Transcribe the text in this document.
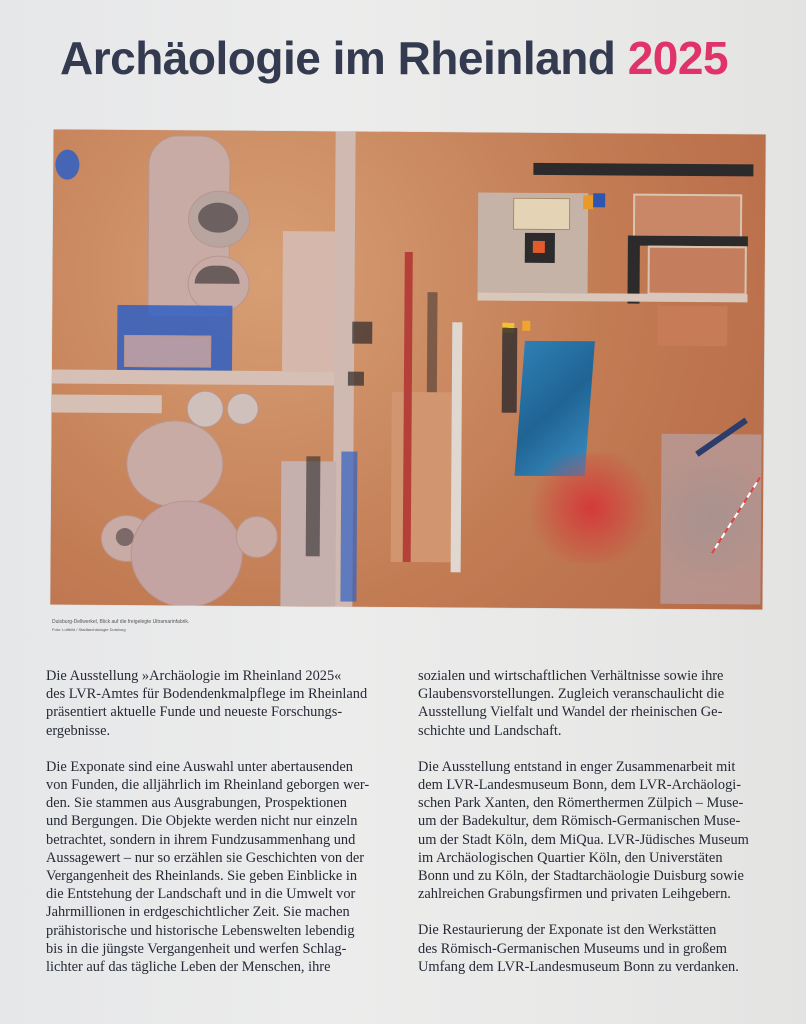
Archäologie im Rheinland 2025
Duisburg-Dellwerkel, Blick auf die freigelegte Ultramarinfabrik.
Foto: Luftbild / Stadtarchäologie Duisburg

Die Ausstellung »Archäologie im Rheinland 2025«
des LVR-Amtes für Bodendenkmalpflege im Rheinland
präsentiert aktuelle Funde und neueste Forschungs-
ergebnisse.

Die Exponate sind eine Auswahl unter abertausenden
von Funden, die alljährlich im Rheinland geborgen wer-
den. Sie stammen aus Ausgrabungen, Prospektionen
und Bergungen. Die Objekte werden nicht nur einzeln
betrachtet, sondern in ihrem Fundzusammenhang und
Aussagewert – nur so erzählen sie Geschichten von der
Vergangenheit des Rheinlands. Sie geben Einblicke in
die Entstehung der Landschaft und in die Umwelt vor
Jahrmillionen in erdgeschichtlicher Zeit. Sie machen
prähistorische und historische Lebenswelten lebendig
bis in die jüngste Vergangenheit und werfen Schlag-
lichter auf das tägliche Leben der Menschen, ihre

sozialen und wirtschaftlichen Verhältnisse sowie ihre
Glaubensvorstellungen. Zugleich veranschaulicht die
Ausstellung Vielfalt und Wandel der rheinischen Ge-
schichte und Landschaft.

Die Ausstellung entstand in enger Zusammenarbeit mit
dem LVR-Landesmuseum Bonn, dem LVR-Archäologi-
schen Park Xanten, den Römerthermen Zülpich – Muse-
um der Badekultur, dem Römisch-Germanischen Muse-
um der Stadt Köln, dem MiQua. LVR-Jüdisches Museum
im Archäologischen Quartier Köln, den Universtäten
Bonn und zu Köln, der Stadtarchäologie Duisburg sowie
zahlreichen Grabungsfirmen und privaten Leihgebern.

Die Restaurierung der Exponate ist den Werkstätten
des Römisch-Germanischen Museums und in großem
Umfang dem LVR-Landesmuseum Bonn zu verdanken.
